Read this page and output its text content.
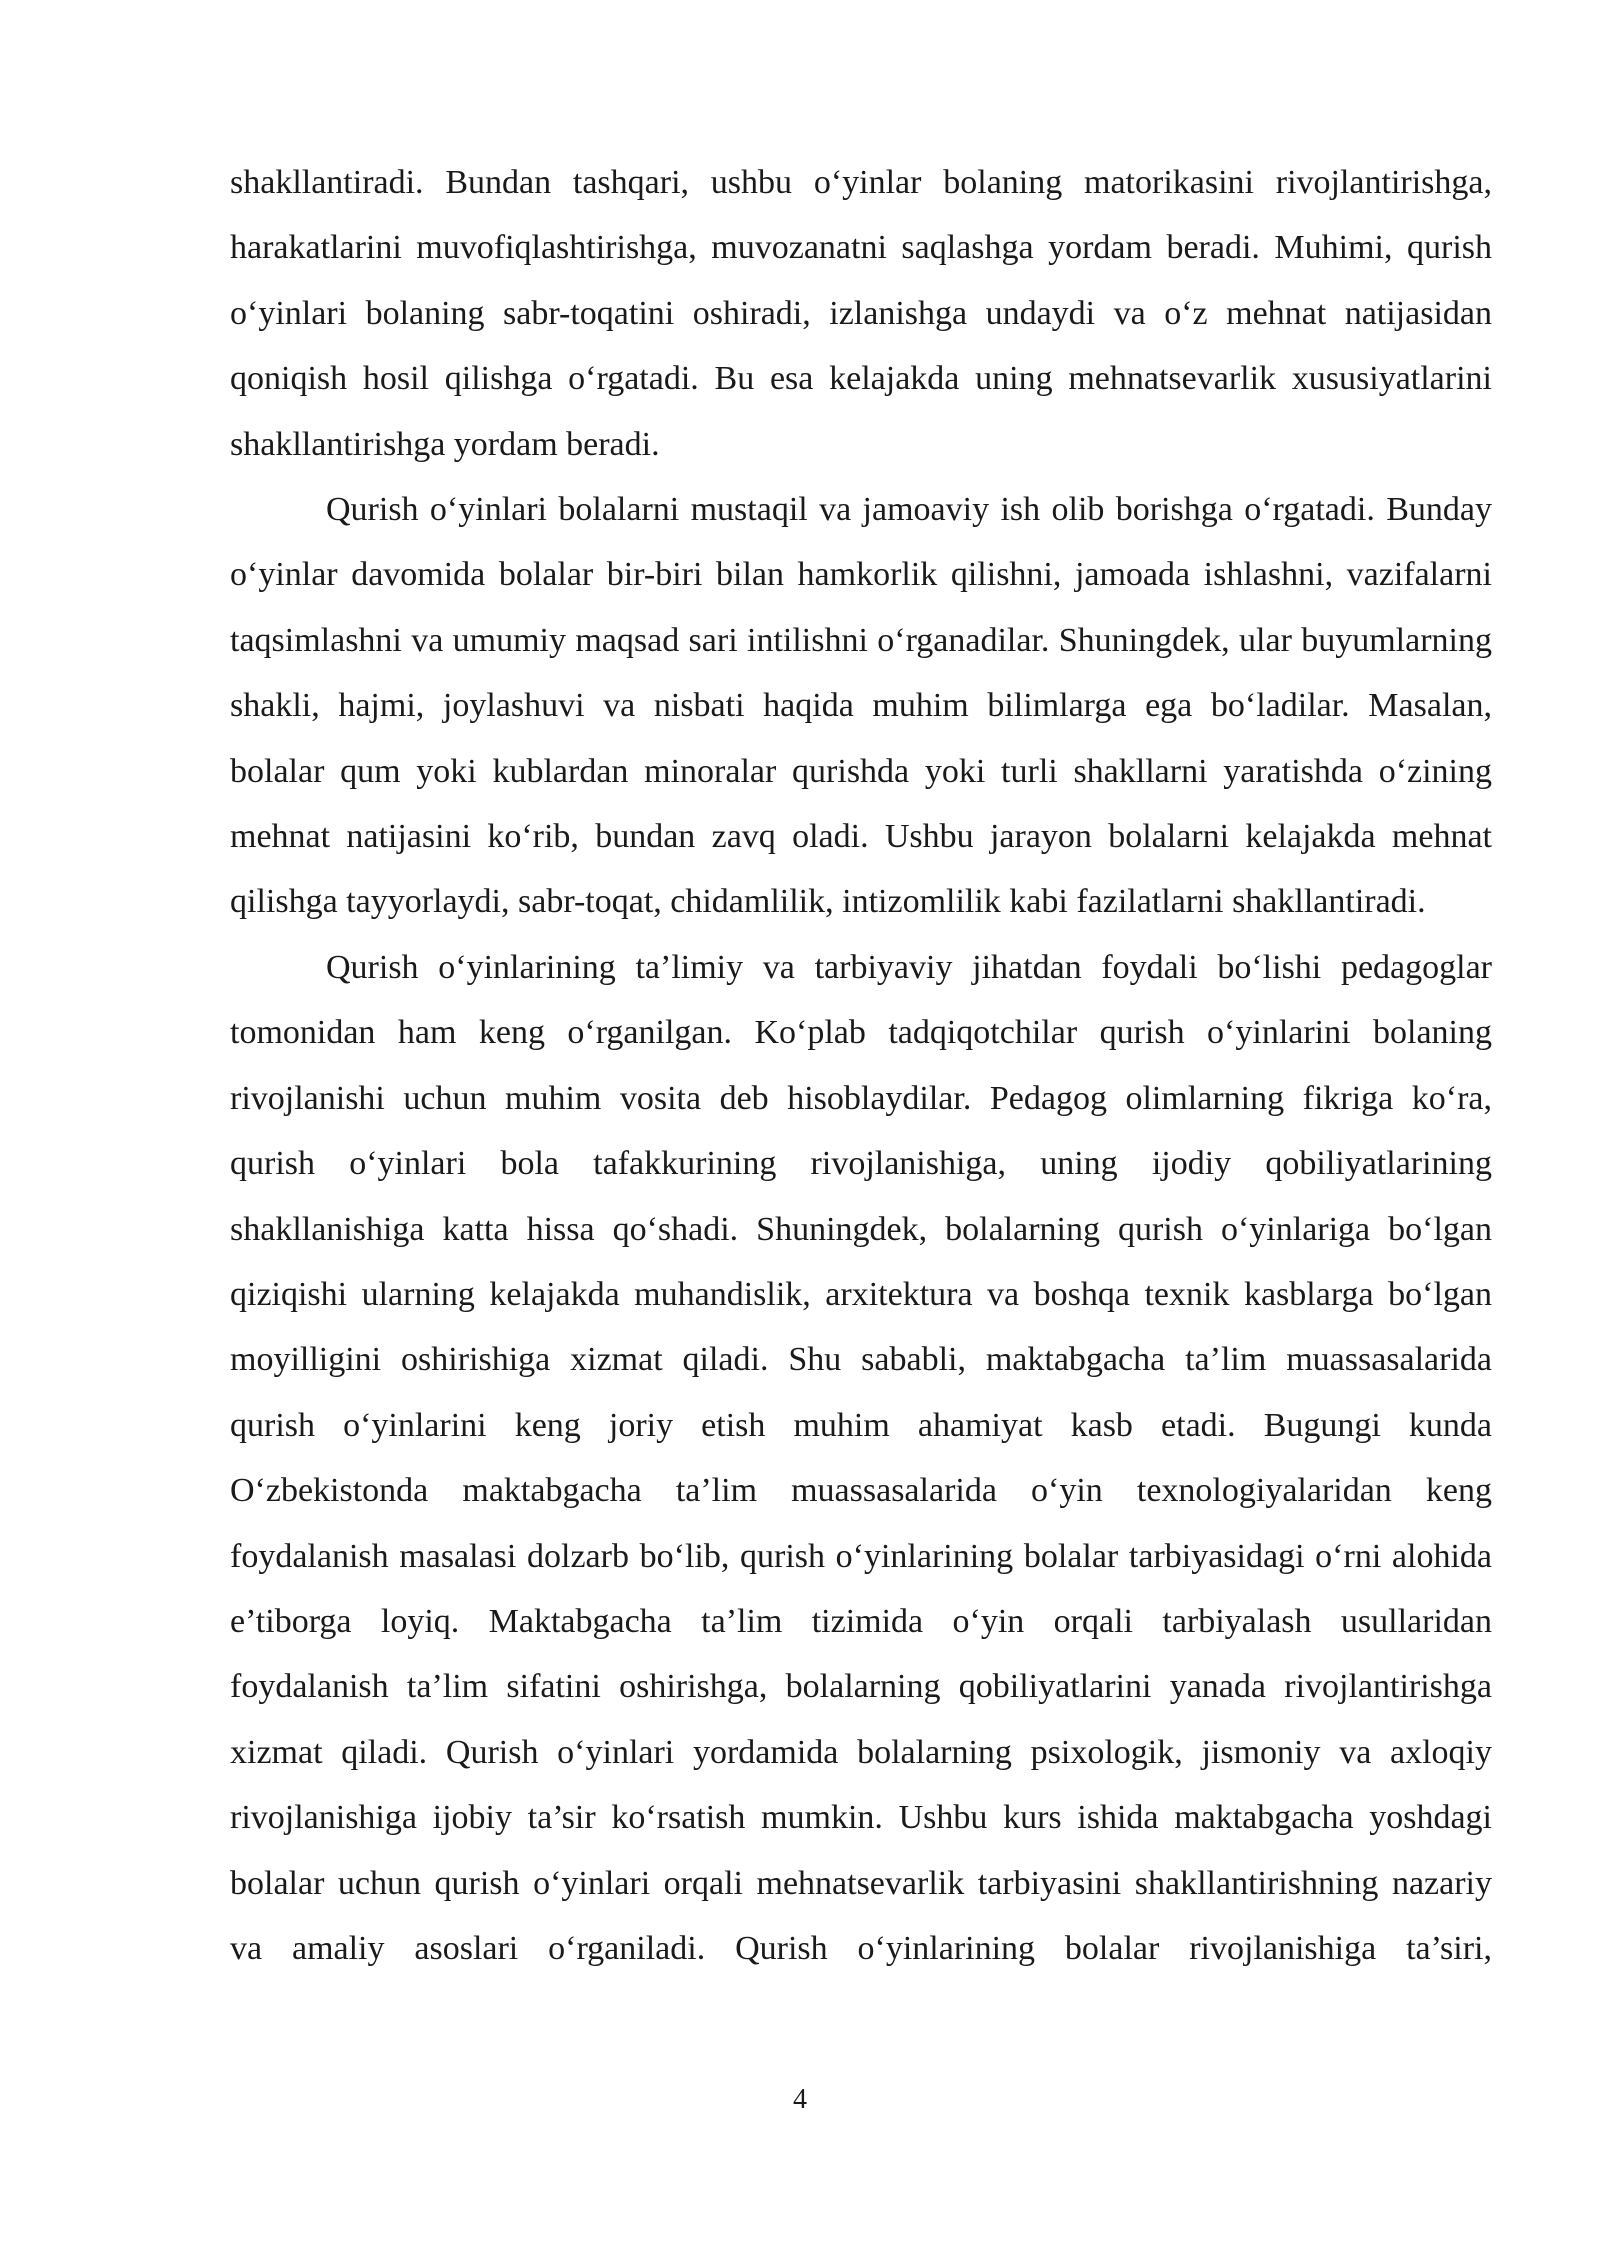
shakllantiradi. Bundan tashqari, ushbu o‘yinlar bolaning matorikasini rivojlantirishga, harakatlarini muvofiqlashtirishga, muvozanatni saqlashga yordam beradi. Muhimi, qurish o‘yinlari bolaning sabr-toqatini oshiradi, izlanishga undaydi va o‘z mehnat natijasidan qoniqish hosil qilishga o‘rgatadi. Bu esa kelajakda uning mehnatsevarlik xususiyatlarini shakllantirishga yordam beradi.

Qurish o‘yinlari bolalarni mustaqil va jamoaviy ish olib borishga o‘rgatadi. Bunday o‘yinlar davomida bolalar bir-biri bilan hamkorlik qilishni, jamoada ishlashni, vazifalarni taqsimlashni va umumiy maqsad sari intilishni o‘rganadilar. Shuningdek, ular buyumlarning shakli, hajmi, joylashuvi va nisbati haqida muhim bilimlarga ega bo‘ladilar. Masalan, bolalar qum yoki kublardan minoralar qurishda yoki turli shakllarni yaratishda o‘zining mehnat natijasini ko‘rib, bundan zavq oladi. Ushbu jarayon bolalarni kelajakda mehnat qilishga tayyorlaydi, sabr-toqat, chidamlilik, intizomlilik kabi fazilatlarni shakllantiradi.

Qurish o‘yinlarining ta’limiy va tarbiyaviy jihatdan foydali bo‘lishi pedagoglar tomonidan ham keng o‘rganilgan. Ko‘plab tadqiqotchilar qurish o‘yinlarini bolaning rivojlanishi uchun muhim vosita deb hisoblaydilar. Pedagog olimlarning fikriga ko‘ra, qurish o‘yinlari bola tafakkurining rivojlanishiga, uning ijodiy qobiliyatlarining shakllanishiga katta hissa qo‘shadi. Shuningdek, bolalarning qurish o‘yinlariga bo‘lgan qiziqishi ularning kelajakda muhandislik, arxitektura va boshqa texnik kasblarga bo‘lgan moyilligini oshirishiga xizmat qiladi. Shu sababli, maktabgacha ta’lim muassasalarida qurish o‘yinlarini keng joriy etish muhim ahamiyat kasb etadi. Bugungi kunda O‘zbekistonda maktabgacha ta’lim muassasalarida o‘yin texnologiyalaridan keng foydalanish masalasi dolzarb bo‘lib, qurish o‘yinlarining bolalar tarbiyasidagi o‘rni alohida e’tiborga loyiq. Maktabgacha ta’lim tizimida o‘yin orqali tarbiyalash usullaridan foydalanish ta’lim sifatini oshirishga, bolalarning qobiliyatlarini yanada rivojlantirishga xizmat qiladi. Qurish o‘yinlari yordamida bolalarning psixologik, jismoniy va axloqiy rivojlanishiga ijobiy ta’sir ko‘rsatish mumkin. Ushbu kurs ishida maktabgacha yoshdagi bolalar uchun qurish o‘yinlari orqali mehnatsevarlik tarbiyasini shakllantirishning nazariy va amaliy asoslari o‘rganiladi. Qurish o‘yinlarining bolalar rivojlanishiga ta’siri,

4
